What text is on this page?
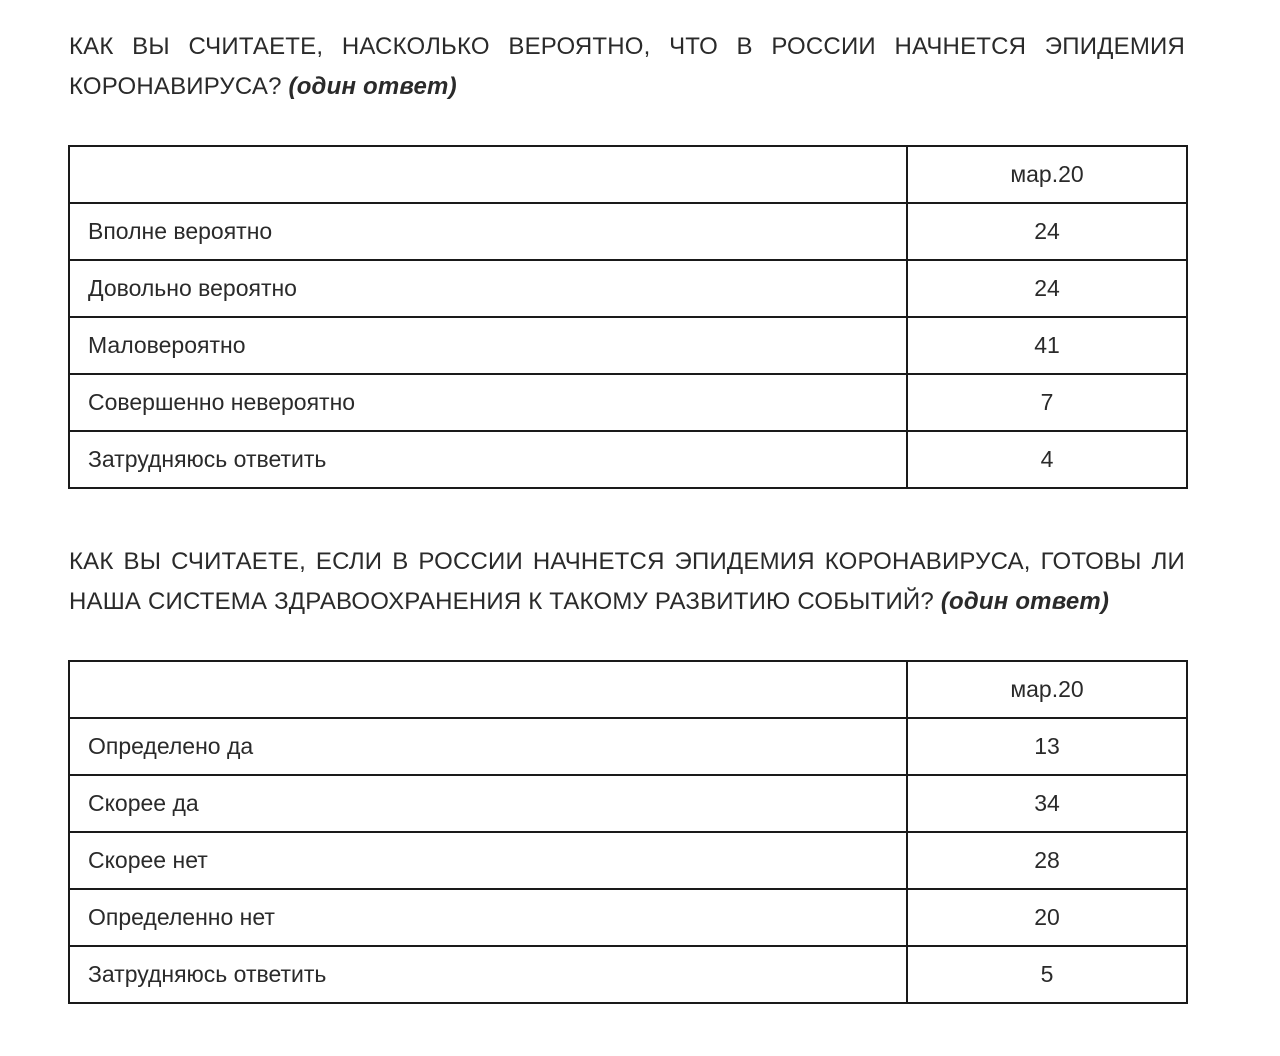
КАК ВЫ СЧИТАЕТЕ, НАСКОЛЬКО ВЕРОЯТНО, ЧТО В РОССИИ НАЧНЕТСЯ ЭПИДЕМИЯ КОРОНАВИРУСА? (один ответ)

	мар.20
Вполне вероятно	24
Довольно вероятно	24
Маловероятно	41
Совершенно невероятно	7
Затрудняюсь ответить	4

КАК ВЫ СЧИТАЕТЕ, ЕСЛИ В РОССИИ НАЧНЕТСЯ ЭПИДЕМИЯ КОРОНАВИРУСА, ГОТОВЫ ЛИ НАША СИСТЕМА ЗДРАВООХРАНЕНИЯ К ТАКОМУ РАЗВИТИЮ СОБЫТИЙ? (один ответ)

	мар.20
Определено да	13
Скорее да	34
Скорее нет	28
Определенно нет	20
Затрудняюсь ответить	5
